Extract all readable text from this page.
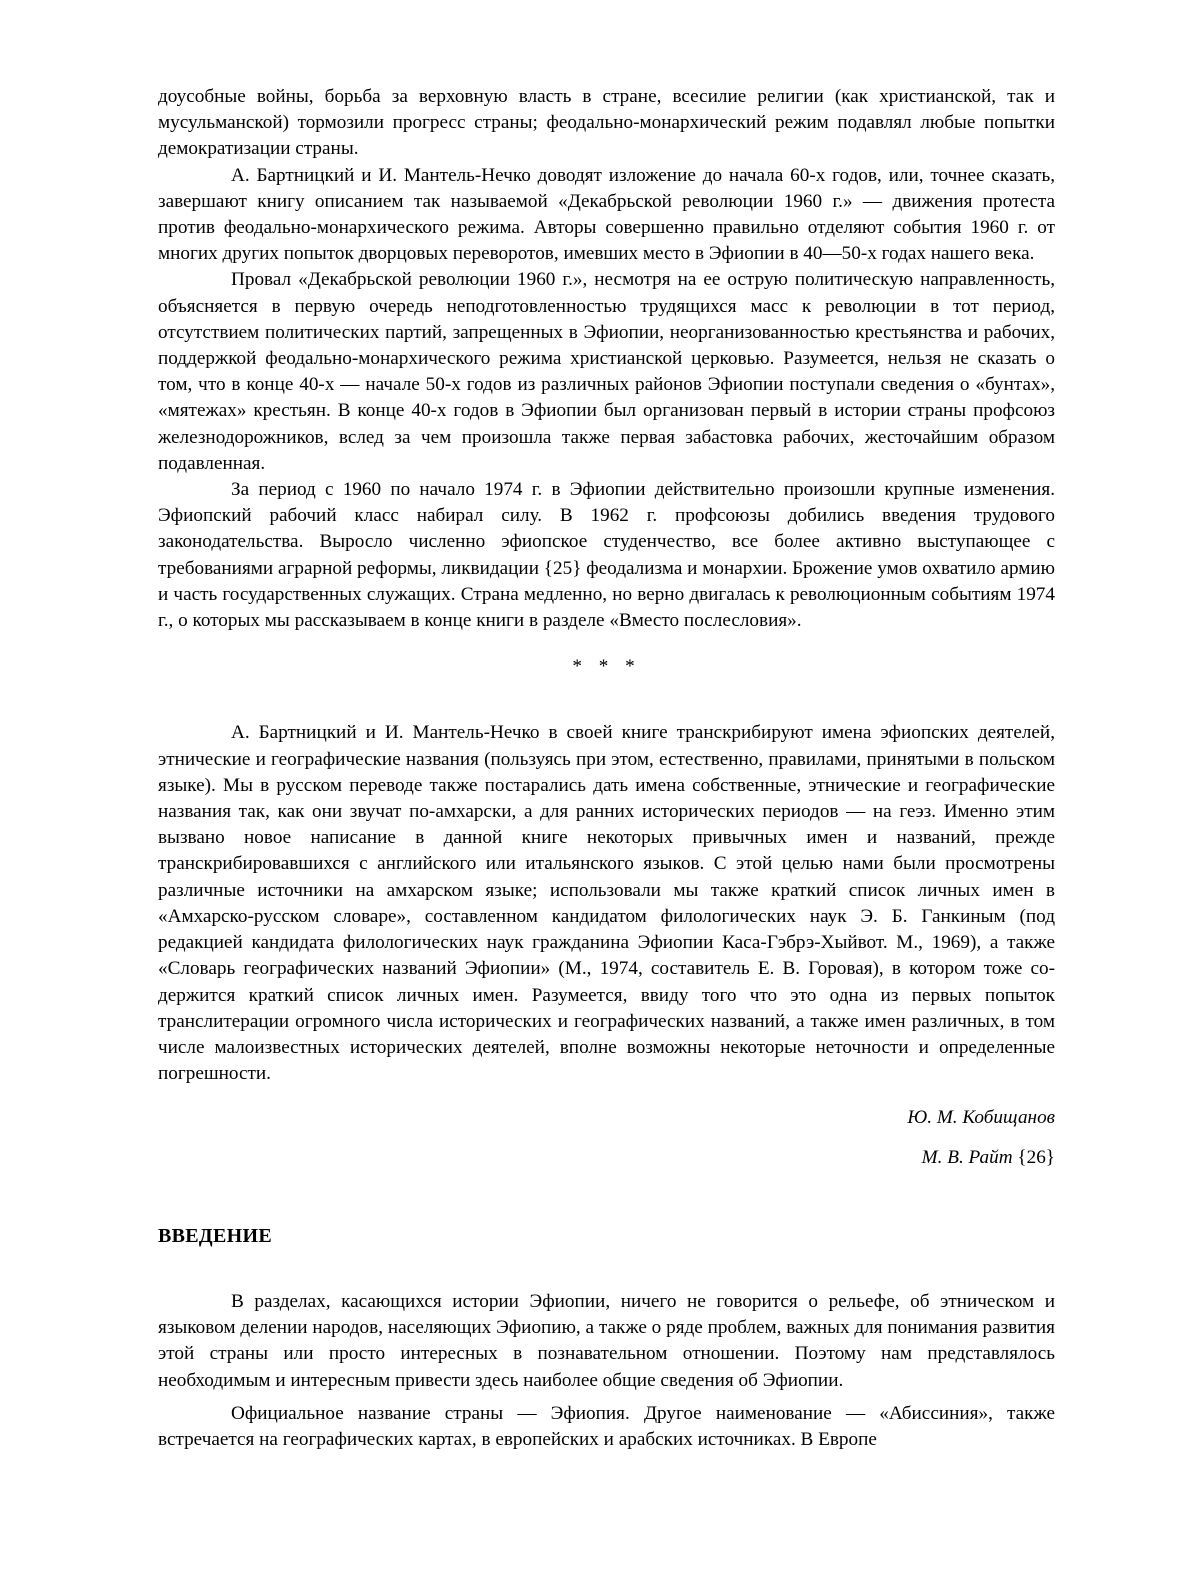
доусобные войны, борьба за верховную власть в стране, всесилие религии (как христианской, так и мусульманской) тормозили прогресс страны; феодально-монархический режим подавлял любые попытки демократизации страны.

А. Бартницкий и И. Мантель-Нечко доводят изложение до начала 60-х годов, или, точнее сказать, завершают книгу описанием так называемой «Декабрьской революции 1960 г.» — движения протеста против феодально-монархического режима. Авторы совершенно правильно отделяют события 1960 г. от многих других попыток дворцовых переворотов, имевших место в Эфиопии в 40—50-х годах нашего века.

Провал «Декабрьской революции 1960 г.», несмотря на ее острую политическую направленность, объясняется в первую очередь неподготовленностью трудящихся масс к революции в тот период, отсутствием политических партий, запрещенных в Эфиопии, неорганизованностью крестьянства и рабочих, поддержкой феодально-монархического режима христианской церковью. Разумеется, нельзя не сказать о том, что в конце 40-х — начале 50-х годов из различных районов Эфиопии поступали сведения о «бунтах», «мятежах» крестьян. В конце 40-х годов в Эфиопии был организован первый в истории страны профсоюз железнодорожников, вслед за чем произошла также первая забастовка рабочих, жесточайшим образом подавленная.

За период с 1960 по начало 1974 г. в Эфиопии действительно произошли крупные изменения. Эфиопский рабочий класс набирал силу. В 1962 г. профсоюзы добились введения трудового законодательства. Выросло численно эфиопское студенчество, все более активно выступающее с требованиями аграрной реформы, ликвидации {25} феодализма и монархии. Брожение умов охватило армию и часть государственных служащих. Страна медленно, но верно двигалась к революционным событиям 1974 г., о которых мы рассказываем в конце книги в разделе «Вместо послесловия».

* * *

А. Бартницкий и И. Мантель-Нечко в своей книге транскрибируют имена эфиопских деятелей, этнические и географические названия (пользуясь при этом, естественно, правилами, принятыми в польском языке). Мы в русском переводе также постарались дать имена собственные, этнические и географические названия так, как они звучат по-амхарски, а для ранних исторических периодов — на геэз. Именно этим вызвано новое написание в данной книге некоторых привычных имен и названий, прежде транскрибировавшихся с английского или итальянского языков. С этой целью нами были просмотрены различные источники на амхарском языке; использовали мы также краткий список личных имен в «Амхарско-русском словаре», составленном кандидатом филологических наук Э. Б. Ганкиным (под редакцией кандидата филологических наук гражданина Эфиопии Каса-Гэбрэ-Хыйвот. М., 1969), а также «Словарь географических названий Эфиопии» (М., 1974, составитель Е. В. Горовая), в котором тоже содержится краткий список личных имен. Разумеется, ввиду того что это одна из первых попыток транслитерации огромного числа исторических и географических названий, а также имен различных, в том числе малоизвестных исторических деятелей, вполне возможны некоторые неточности и определенные погрешности.

Ю. М. Кобищанов
М. В. Райт {26}
ВВЕДЕНИЕ

В разделах, касающихся истории Эфиопии, ничего не говорится о рельефе, об этническом и языковом делении народов, населяющих Эфиопию, а также о ряде проблем, важных для понимания развития этой страны или просто интересных в познавательном отношении. Поэтому нам представлялось необходимым и интересным привести здесь наиболее общие сведения об Эфиопии.

Официальное название страны — Эфиопия. Другое наименование — «Абиссиния», также встречается на географических картах, в европейских и арабских источниках. В Европе
